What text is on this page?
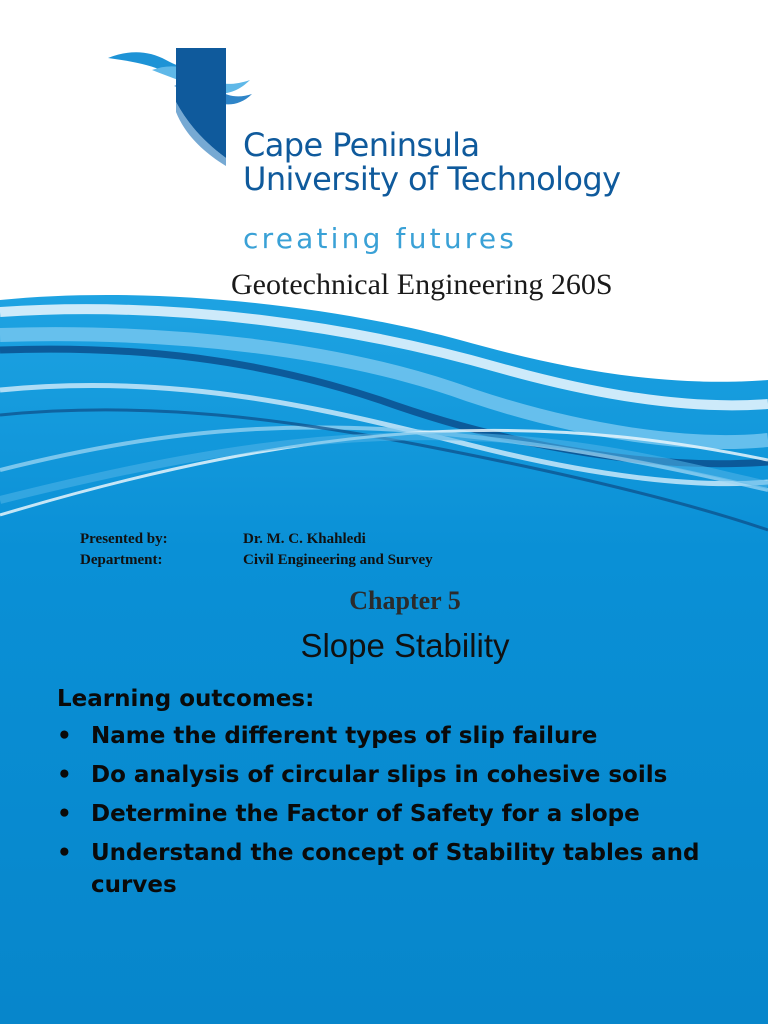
Cape Peninsula
University of Technology
creating futures
Geotechnical Engineering 260S
Presented by:	Dr. M. C. Khahledi
Department:	Civil Engineering and Survey
Chapter 5
Slope Stability
Learning outcomes:
• Name the different types of slip failure
• Do analysis of circular slips in cohesive soils
• Determine the Factor of Safety for a slope
• Understand the concept of Stability tables and curves
